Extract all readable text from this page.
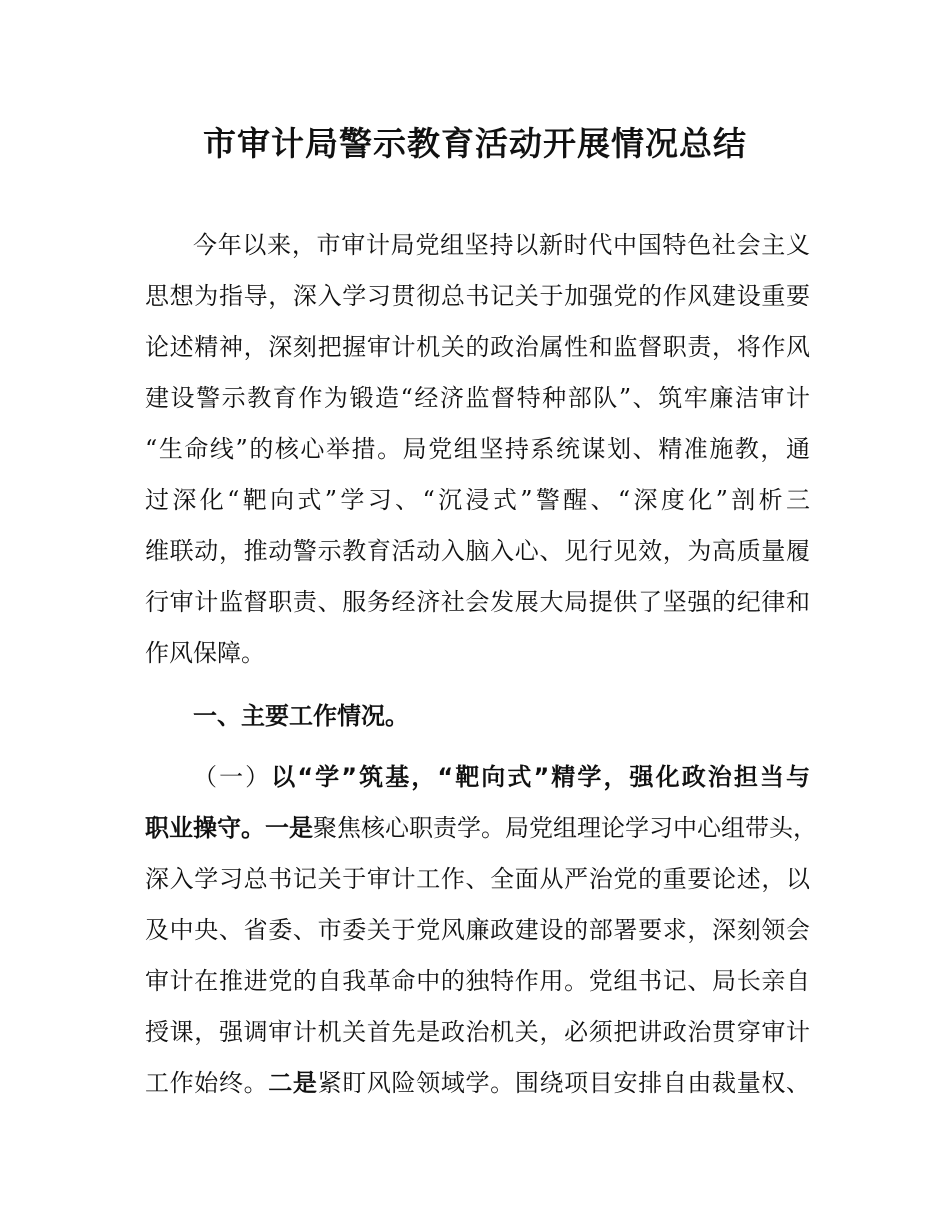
市审计局警示教育活动开展情况总结
今年以来，市审计局党组坚持以新时代中国特色社会主义
思想为指导，深入学习贯彻总书记关于加强党的作风建设重要
论述精神，深刻把握审计机关的政治属性和监督职责，将作风
建设警示教育作为锻造“经济监督特种部队”、筑牢廉洁审计
“生命线”的核心举措。局党组坚持系统谋划、精准施教，通
过深化“靶向式”学习、“沉浸式”警醒、“深度化”剖析三
维联动，推动警示教育活动入脑入心、见行见效，为高质量履
行审计监督职责、服务经济社会发展大局提供了坚强的纪律和
作风保障。
一、主要工作情况。
（一）以“学”筑基，“靶向式”精学，强化政治担当与
职业操守。一是聚焦核心职责学。局党组理论学习中心组带头，
深入学习总书记关于审计工作、全面从严治党的重要论述，以
及中央、省委、市委关于党风廉政建设的部署要求，深刻领会
审计在推进党的自我革命中的独特作用。党组书记、局长亲自
授课，强调审计机关首先是政治机关，必须把讲政治贯穿审计
工作始终。二是紧盯风险领域学。围绕项目安排自由裁量权、
